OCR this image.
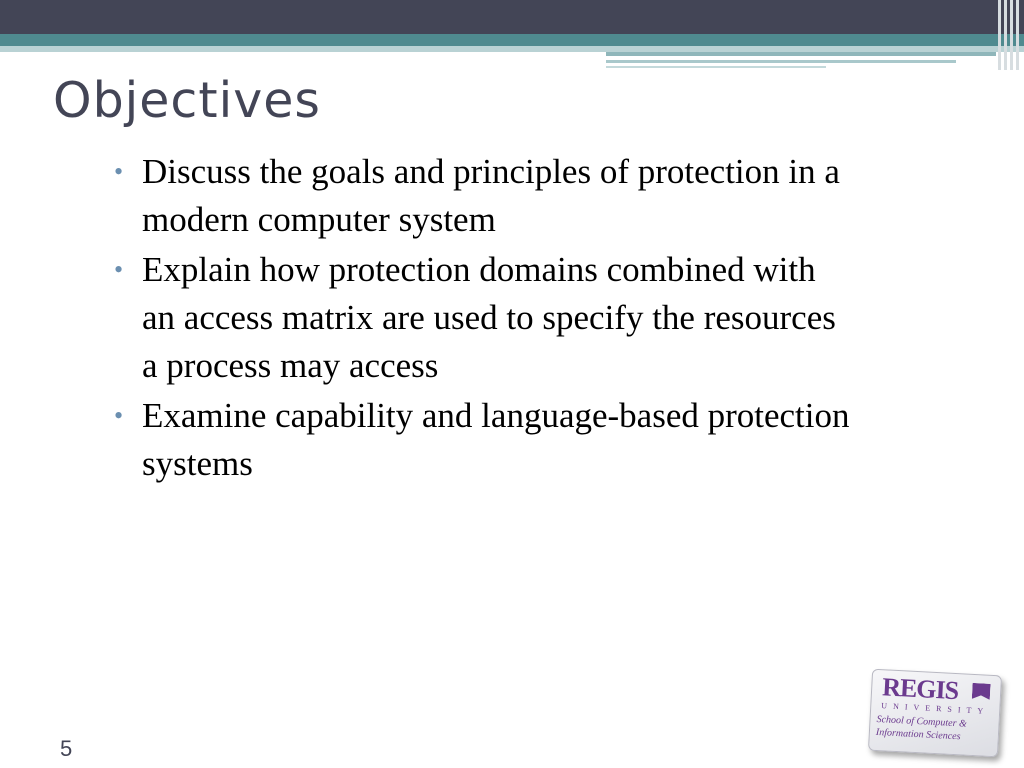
Objectives
• Discuss the goals and principles of protection in a modern computer system
• Explain how protection domains combined with an access matrix are used to specify the resources a process may access
• Examine capability and language-based protection systems
5
REGIS
UNIVERSITY
School of Computer &
Information Sciences
